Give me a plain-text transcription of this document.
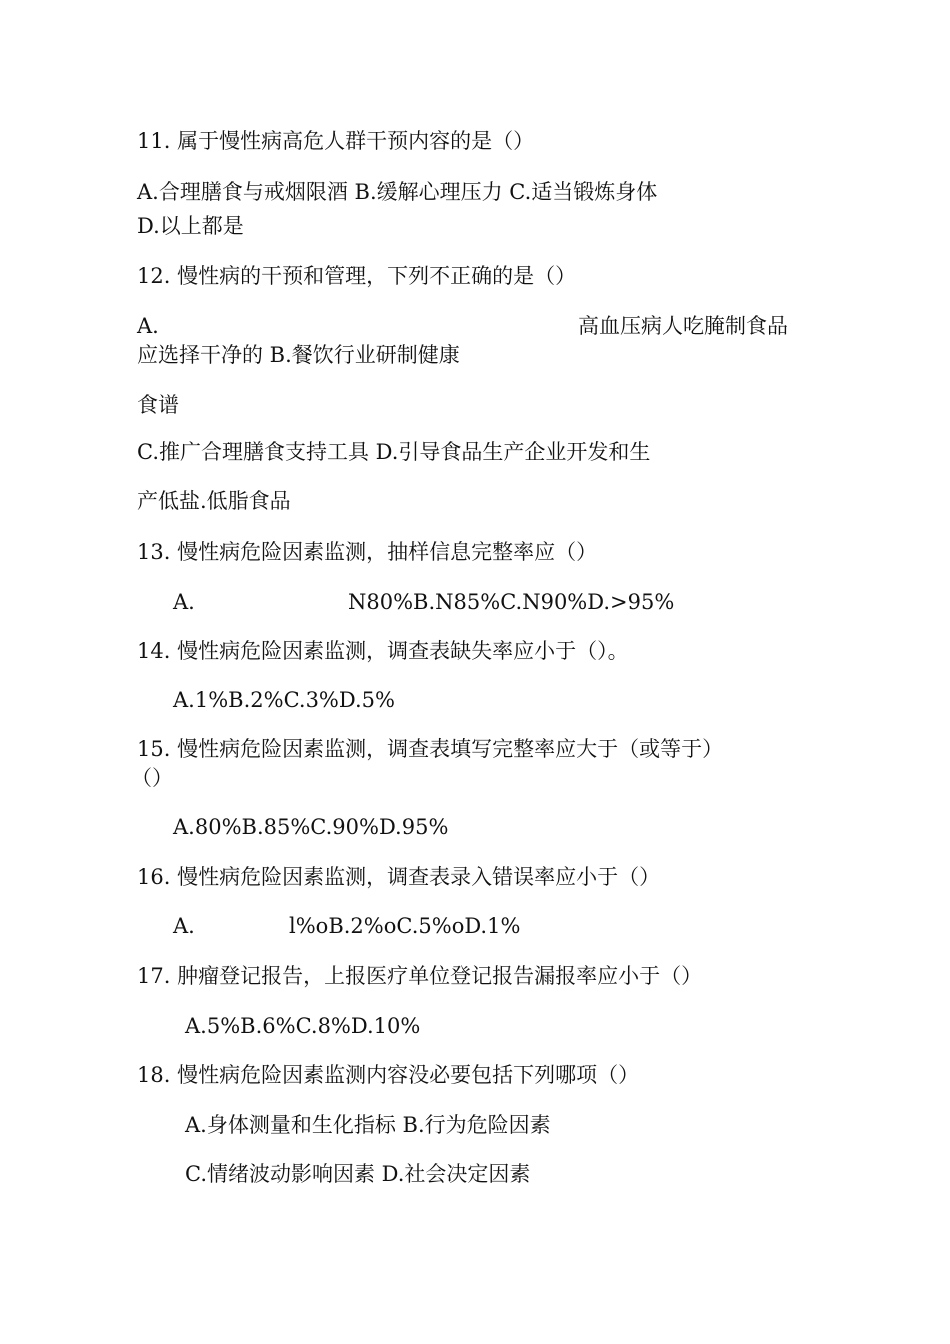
11. 属于慢性病高危人群干预内容的是（）
A.合理膳食与戒烟限酒 B.缓解心理压力 C.适当锻炼身体
D.以上都是
12. 慢性病的干预和管理，下列不正确的是（）
A.	高血压病人吃腌制食品
应选择干净的 B.餐饮行业研制健康
食谱
C.推广合理膳食支持工具 D.引导食品生产企业开发和生
产低盐.低脂食品
13. 慢性病危险因素监测，抽样信息完整率应（）
A.	N80%B.N85%C.N90%D.>95%
14. 慢性病危险因素监测，调查表缺失率应小于（）。
A.1%B.2%C.3%D.5%
15. 慢性病危险因素监测，调查表填写完整率应大于（或等于）
（）
A.80%B.85%C.90%D.95%
16. 慢性病危险因素监测，调查表录入错误率应小于（）
A.	l%oB.2%oC.5%oD.1%
17. 肿瘤登记报告，上报医疗单位登记报告漏报率应小于（）
A.5%B.6%C.8%D.10%
18. 慢性病危险因素监测内容没必要包括下列哪项（）
A.身体测量和生化指标 B.行为危险因素
C.情绪波动影响因素 D.社会决定因素
